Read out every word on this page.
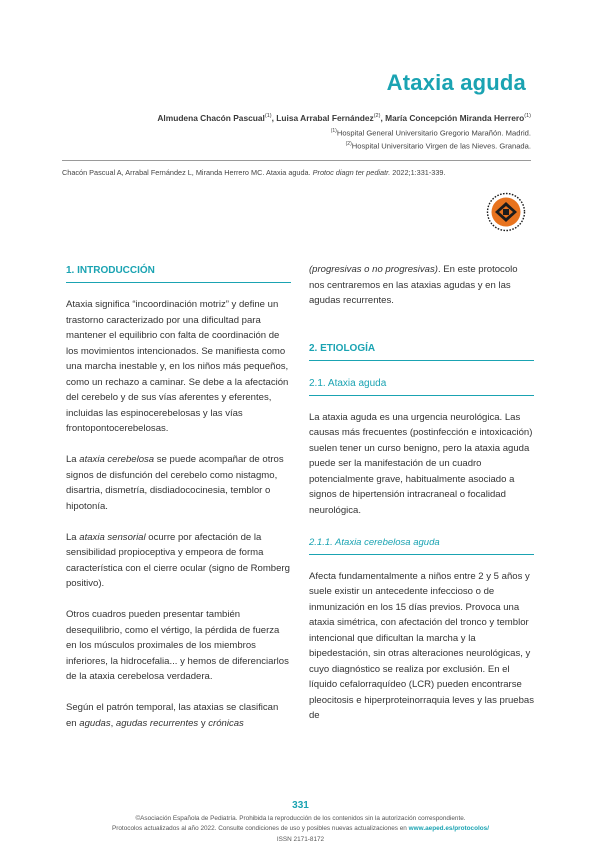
Ataxia aguda
Almudena Chacón Pascual$^{(1)}$, Luisa Arrabal Fernández$^{(2)}$, María Concepción Miranda Herrero$^{(1)}$
$^{(1)}$Hospital General Universitario Gregorio Marañón. Madrid.
$^{(2)}$Hospital Universitario Virgen de las Nieves. Granada.
Chacón Pascual A, Arrabal Fernández L, Miranda Herrero MC. Ataxia aguda. Protoc diagn ter pediatr. 2022;1:331-339.
1. INTRODUCCIÓN

Ataxia significa “incoordinación motriz” y define un trastorno caracterizado por una dificultad para mantener el equilibrio con falta de coordinación de los movimientos intencionados. Se manifiesta como una marcha inestable y, en los niños más pequeños, como un rechazo a caminar. Se debe a la afectación del cerebelo y de sus vías aferentes y eferentes, incluidas las espinocerebelosas y las vías frontopontocerebelosas.

La ataxia cerebelosa se puede acompañar de otros signos de disfunción del cerebelo como nistagmo, disartria, dismetría, disdiadococinesia, temblor o hipotonía.

La ataxia sensorial ocurre por afectación de la sensibilidad propioceptiva y empeora de forma característica con el cierre ocular (signo de Romberg positivo).

Otros cuadros pueden presentar también desequilibrio, como el vértigo, la pérdida de fuerza en los músculos proximales de los miembros inferiores, la hidrocefalia... y hemos de diferenciarlos de la ataxia cerebelosa verdadera.

Según el patrón temporal, las ataxias se clasifican en agudas, agudas recurrentes y crónicas

(progresivas o no progresivas). En este protocolo nos centraremos en las ataxias agudas y en las agudas recurrentes.

2. ETIOLOGÍA
2.1. Ataxia aguda

La ataxia aguda es una urgencia neurológica. Las causas más frecuentes (postinfección e intoxicación) suelen tener un curso benigno, pero la ataxia aguda puede ser la manifestación de un cuadro potencialmente grave, habitualmente asociado a signos de hipertensión intracraneal o focalidad neurológica.

2.1.1. Ataxia cerebelosa aguda

Afecta fundamentalmente a niños entre 2 y 5 años y suele existir un antecedente infeccioso o de inmunización en los 15 días previos. Provoca una ataxia simétrica, con afectación del tronco y temblor intencional que dificultan la marcha y la bipedestación, sin otras alteraciones neurológicas, y cuyo diagnóstico se realiza por exclusión. En el líquido cefalorraquídeo (LCR) pueden encontrarse pleocitosis e hiperproteinorraquia leves y las pruebas de

331
©Asociación Española de Pediatría. Prohibida la reproducción de los contenidos sin la autorización correspondiente.
Protocolos actualizados al año 2022. Consulte condiciones de uso y posibles nuevas actualizaciones en www.aeped.es/protocolos/
ISSN 2171-8172
